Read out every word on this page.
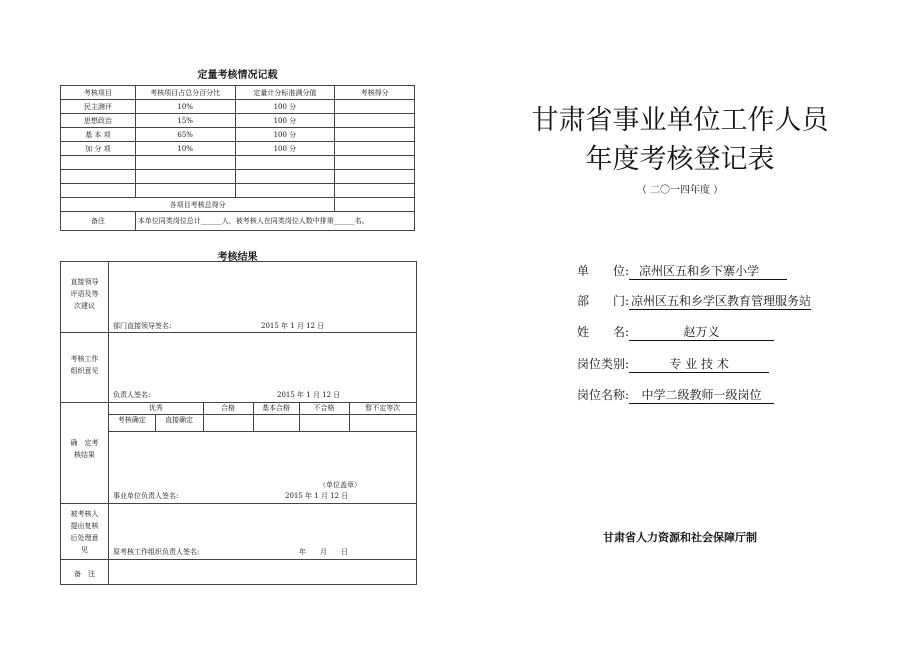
定量考核情况记载
考核项目	考核项目占总分百分比	定量计分标准满分值	考核得分
民主测评	10%	100 分	
思想政治	15%	100 分	
基 本 项	65%	100 分	
加 分 项	10%	100 分	

各项目考核总得分			
备注	本单位同类岗位总计______人，被考核人在同类岗位人数中排第______名。		
考核结果
直接领导评语及等次建议	
部门直接领导签名:	2015 年 1 月 12 日

考核工作组织意见	
负责人签名:	2015 年 1 月 12 日

确　定考核结果	
优秀	合格	基本合格	不合格	暂不定等次
考核确定	直接确定				
（单位盖章）
事业单位负责人签名:	2015 年 1 月 12 日

被考核人提出复核后处理意见	原考核工作组织负责人签名:	年　　月　　日

备　注	
甘肃省事业单位工作人员
年度考核登记表
（ 二〇一四年度 ）
单　　位: 凉州区五和乡下寨小学
部　　门: 凉州区五和乡学区教育管理服务站
姓　　名:	赵万义
岗位类别:	专 业 技 术
岗位名称: 中学二级教师一级岗位
甘肃省人力资源和社会保障厅制
